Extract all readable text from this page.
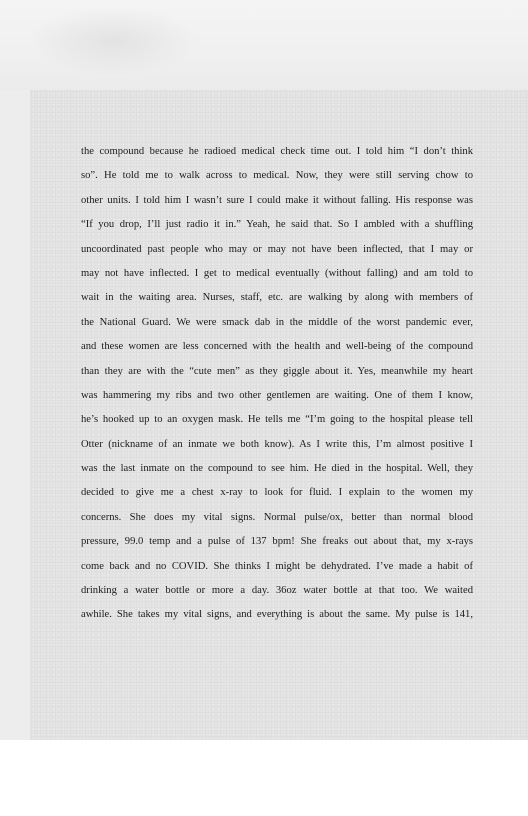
the compound because he radioed medical check time out. I told him “I don’t think
so”. He told me to walk across to medical. Now, they were still serving chow to
other units. I told him I wasn’t sure I could make it without falling. His response was
“If you drop, I’ll just radio it in.” Yeah, he said that. So I ambled with a shuffling
uncoordinated past people who may or may not have been inflected, that I may or
may not have inflected. I get to medical eventually (without falling) and am told to
wait in the waiting area. Nurses, staff, etc. are walking by along with members of
the National Guard. We were smack dab in the middle of the worst pandemic ever,
and these women are less concerned with the health and well-being of the compound
than they are with the “cute men” as they giggle about it. Yes, meanwhile my heart
was hammering my ribs and two other gentlemen are waiting. One of them I know,
he’s hooked up to an oxygen mask. He tells me “I’m going to the hospital please tell
Otter (nickname of an inmate we both know). As I write this, I’m almost positive I
was the last inmate on the compound to see him. He died in the hospital. Well, they
decided to give me a chest x-ray to look for fluid. I explain to the women my
concerns. She does my vital signs. Normal pulse/ox, better than normal blood
pressure, 99.0 temp and a pulse of 137 bpm! She freaks out about that, my x-rays
come back and no COVID. She thinks I might be dehydrated. I’ve made a habit of
drinking a water bottle or more a day. 36oz water bottle at that too. We waited
awhile. She takes my vital signs, and everything is about the same. My pulse is 141,
